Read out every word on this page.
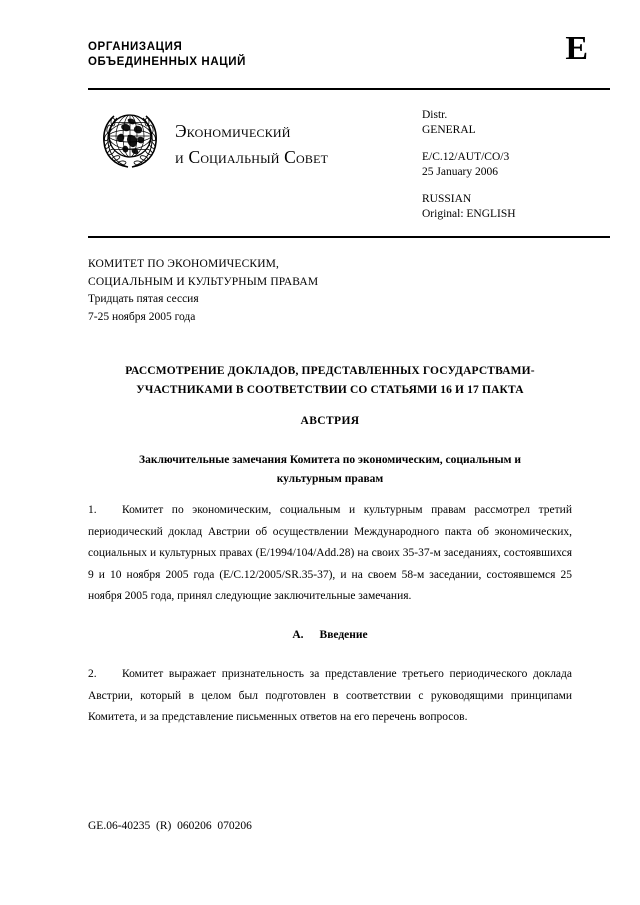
ОРГАНИЗАЦИЯ
ОБЪЕДИНЕННЫХ НАЦИЙ	E
Экономический
и Социальный Совет
Distr.
GENERAL
E/C.12/AUT/CO/3
25 January 2006
RUSSIAN
Original: ENGLISH
КОМИТЕТ ПО ЭКОНОМИЧЕСКИМ,
СОЦИАЛЬНЫМ И КУЛЬТУРНЫМ ПРАВАМ
Тридцать пятая сессия
7-25 ноября 2005 года
РАССМОТРЕНИЕ ДОКЛАДОВ, ПРЕДСТАВЛЕННЫХ ГОСУДАРСТВАМИ-
УЧАСТНИКАМИ В СООТВЕТСТВИИ СО СТАТЬЯМИ 16 И 17 ПАКТА
АВСТРИЯ
Заключительные замечания Комитета по экономическим, социальным и
культурным правам
1. Комитет по экономическим, социальным и культурным правам рассмотрел третий периодический доклад Австрии об осуществлении Международного пакта об экономических, социальных и культурных правах (E/1994/104/Add.28) на своих 35-37-м заседаниях, состоявшихся 9 и 10 ноября 2005 года (E/C.12/2005/SR.35-37), и на своем 58-м заседании, состоявшемся 25 ноября 2005 года, принял следующие заключительные замечания.
A. Введение
2. Комитет выражает признательность за представление третьего периодического доклада Австрии, который в целом был подготовлен в соответствии с руководящими принципами Комитета, и за представление письменных ответов на его перечень вопросов.
GE.06-40235  (R)  060206  070206
